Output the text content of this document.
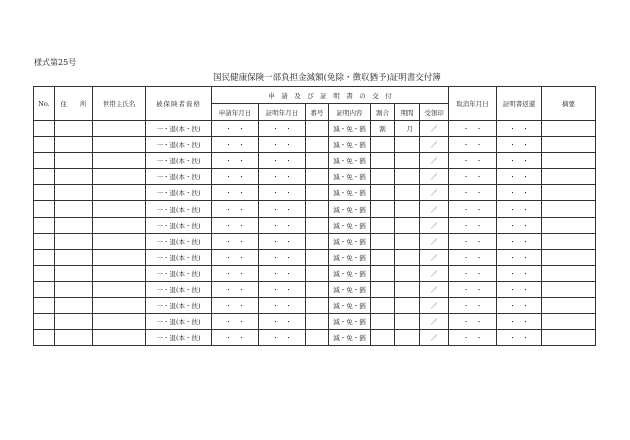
様式第25号
国民健康保険一部負担金減額(免除・徴収猶予)証明書交付簿
No.	住　　所	世帯主氏名	被保険者資格	申　請　及　び　証　明　書　の　交　付							取消年月日	証明書返還	摘要
				申請年月日	証明年月日	番号	証明内容	割合	期間	受領印			
			一・退(本・扶)	・　・	・　・		減・免・猶	割	月	／	・　・	・　・	
			一・退(本・扶)	・　・	・　・		減・免・猶			／	・　・	・　・	
			一・退(本・扶)	・　・	・　・		減・免・猶			／	・　・	・　・	
			一・退(本・扶)	・　・	・　・		減・免・猶			／	・　・	・　・	
			一・退(本・扶)	・　・	・　・		減・免・猶			／	・　・	・　・	
			一・退(本・扶)	・　・	・　・		減・免・猶			／	・　・	・　・	
			一・退(本・扶)	・　・	・　・		減・免・猶			／	・　・	・　・	
			一・退(本・扶)	・　・	・　・		減・免・猶			／	・　・	・　・	
			一・退(本・扶)	・　・	・　・		減・免・猶			／	・　・	・　・	
			一・退(本・扶)	・　・	・　・		減・免・猶			／	・　・	・　・	
			一・退(本・扶)	・　・	・　・		減・免・猶			／	・　・	・　・	
			一・退(本・扶)	・　・	・　・		減・免・猶			／	・　・	・　・	
			一・退(本・扶)	・　・	・　・		減・免・猶			／	・　・	・　・	
			一・退(本・扶)	・　・	・　・		減・免・猶			／	・　・	・　・	
